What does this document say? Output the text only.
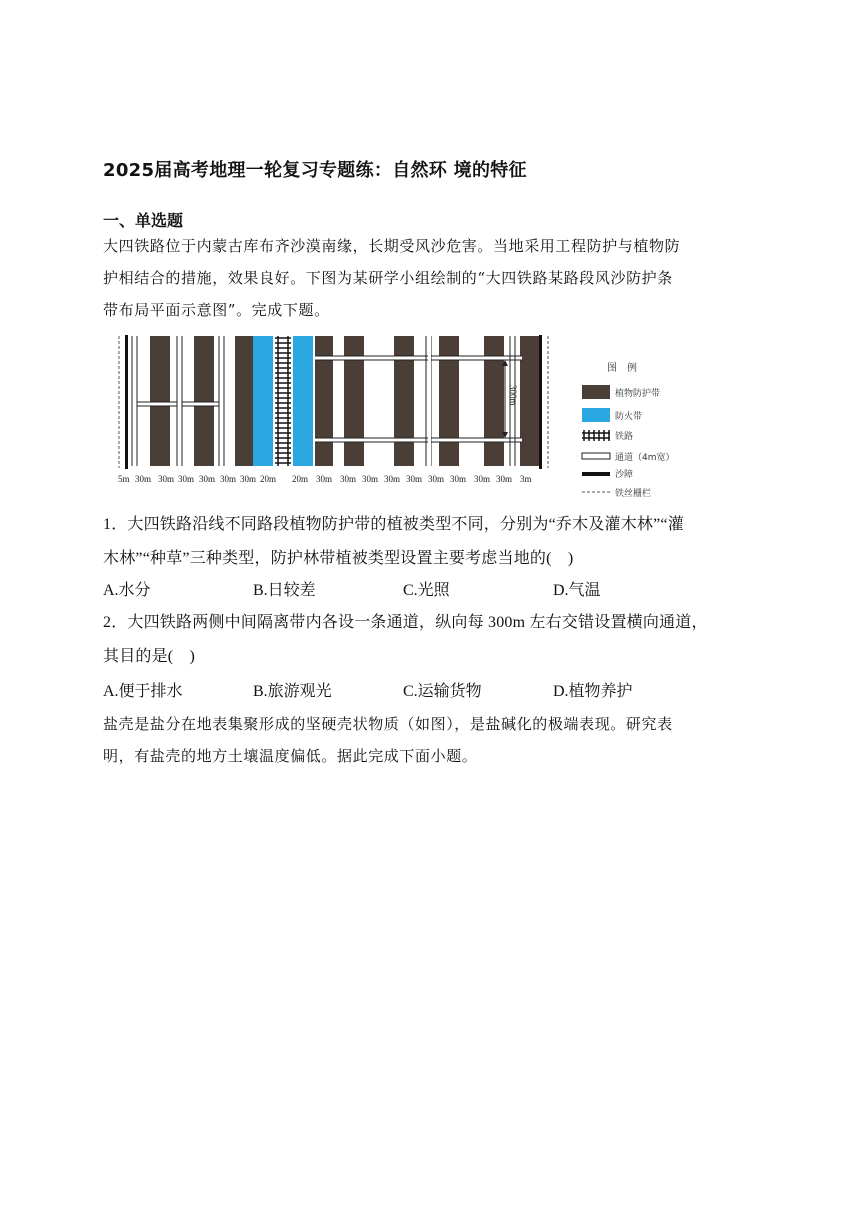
2025届高考地理一轮复习专题练：自然环 境的特征
一、单选题
大四铁路位于内蒙古库布齐沙漠南缘，长期受风沙危害。当地采用工程防护与植物防
护相结合的措施，效果良好。下图为某研学小组绘制的“大四铁路某路段风沙防护条
带布局平面示意图”。完成下题。
300m
5m 30m 30m 30m 30m 30m 30m 20m 20m 30m 30m 30m 30m 30m 30m 30m 30m 30m 3m
图　例
植物防护带
防火带
铁路
通道（4m宽）
沙障
铁丝栅栏
1．大四铁路沿线不同路段植物防护带的植被类型不同，分别为“乔木及灌木林”“灌
木林”“种草”三种类型，防护林带植被类型设置主要考虑当地的(　)
A.水分	B.日较差	C.光照	D.气温
2．大四铁路两侧中间隔离带内各设一条通道，纵向每 300m 左右交错设置横向通道，
其目的是(　)
A.便于排水	B.旅游观光	C.运输货物	D.植物养护
盐壳是盐分在地表集聚形成的坚硬壳状物质（如图），是盐碱化的极端表现。研究表
明，有盐壳的地方土壤温度偏低。据此完成下面小题。
